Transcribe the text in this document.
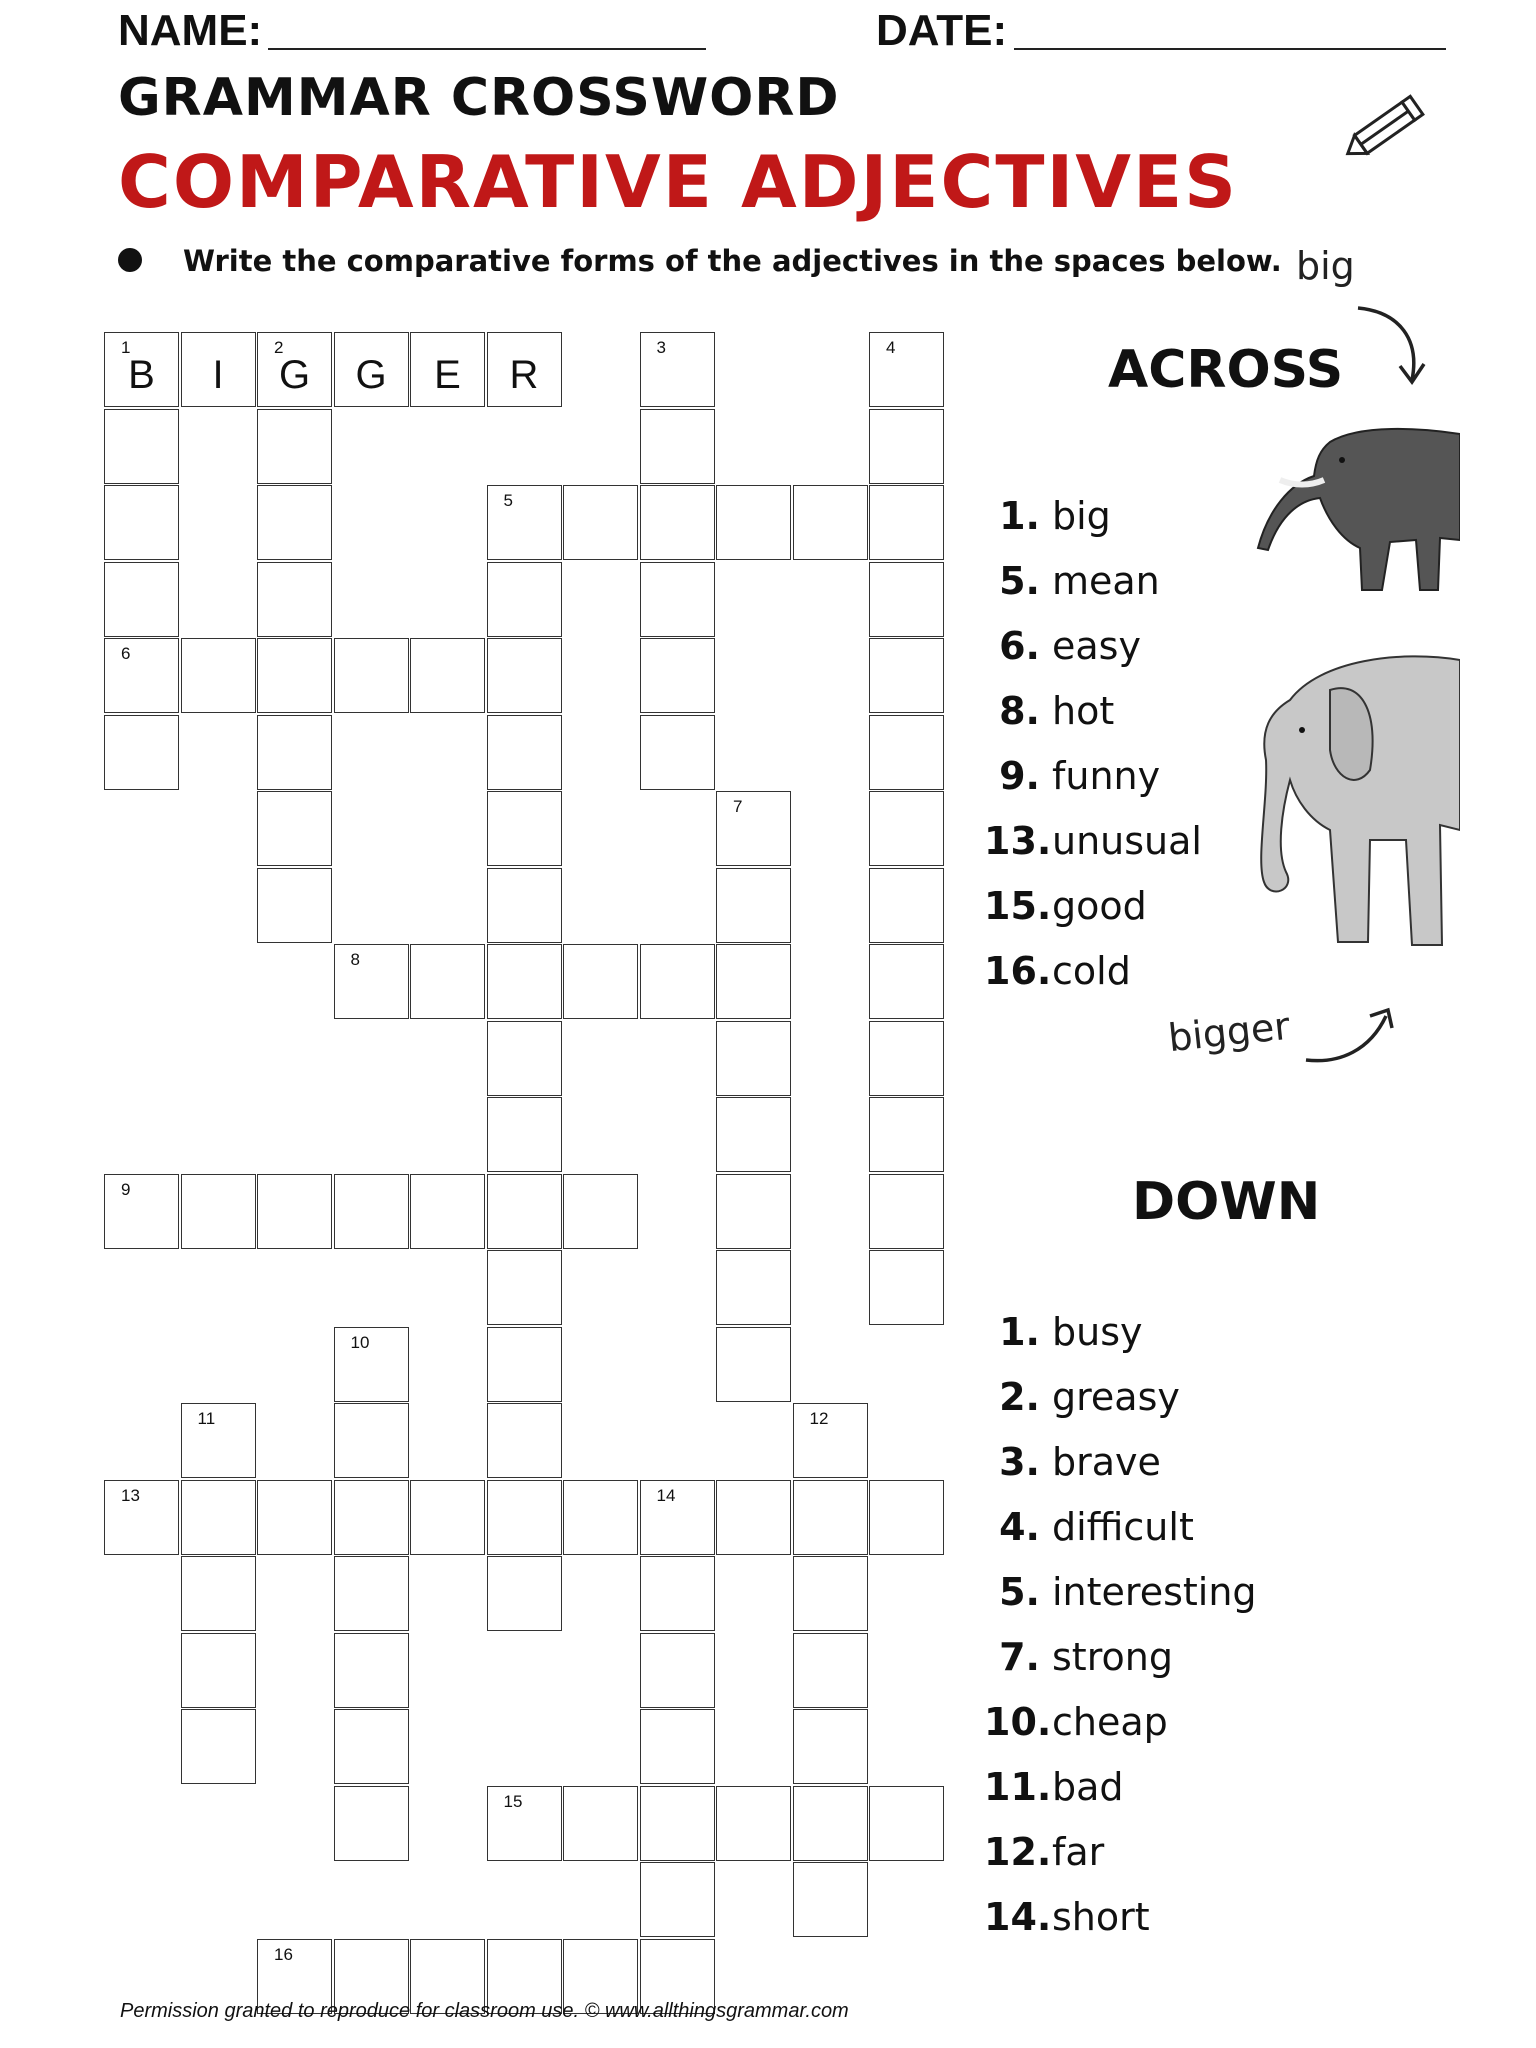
NAME:	DATE:
GRAMMAR CROSSWORD
COMPARATIVE ADJECTIVES
Write the comparative forms of the adjectives in the spaces below.
1
B	I
2
G	G	E	R
6
3	4
5
7
8
9
10
11	12
13	14
15
16
big
ACROSS
bigger
1. big
5. mean
6. easy
8. hot
9. funny
13.unusual
15.good
16.cold
DOWN
1. busy
2. greasy
3. brave
4. difficult
5. interesting
7. strong
10.cheap
11.bad
12.far
14.short
Permission granted to reproduce for classroom use. © www.allthingsgrammar.com
